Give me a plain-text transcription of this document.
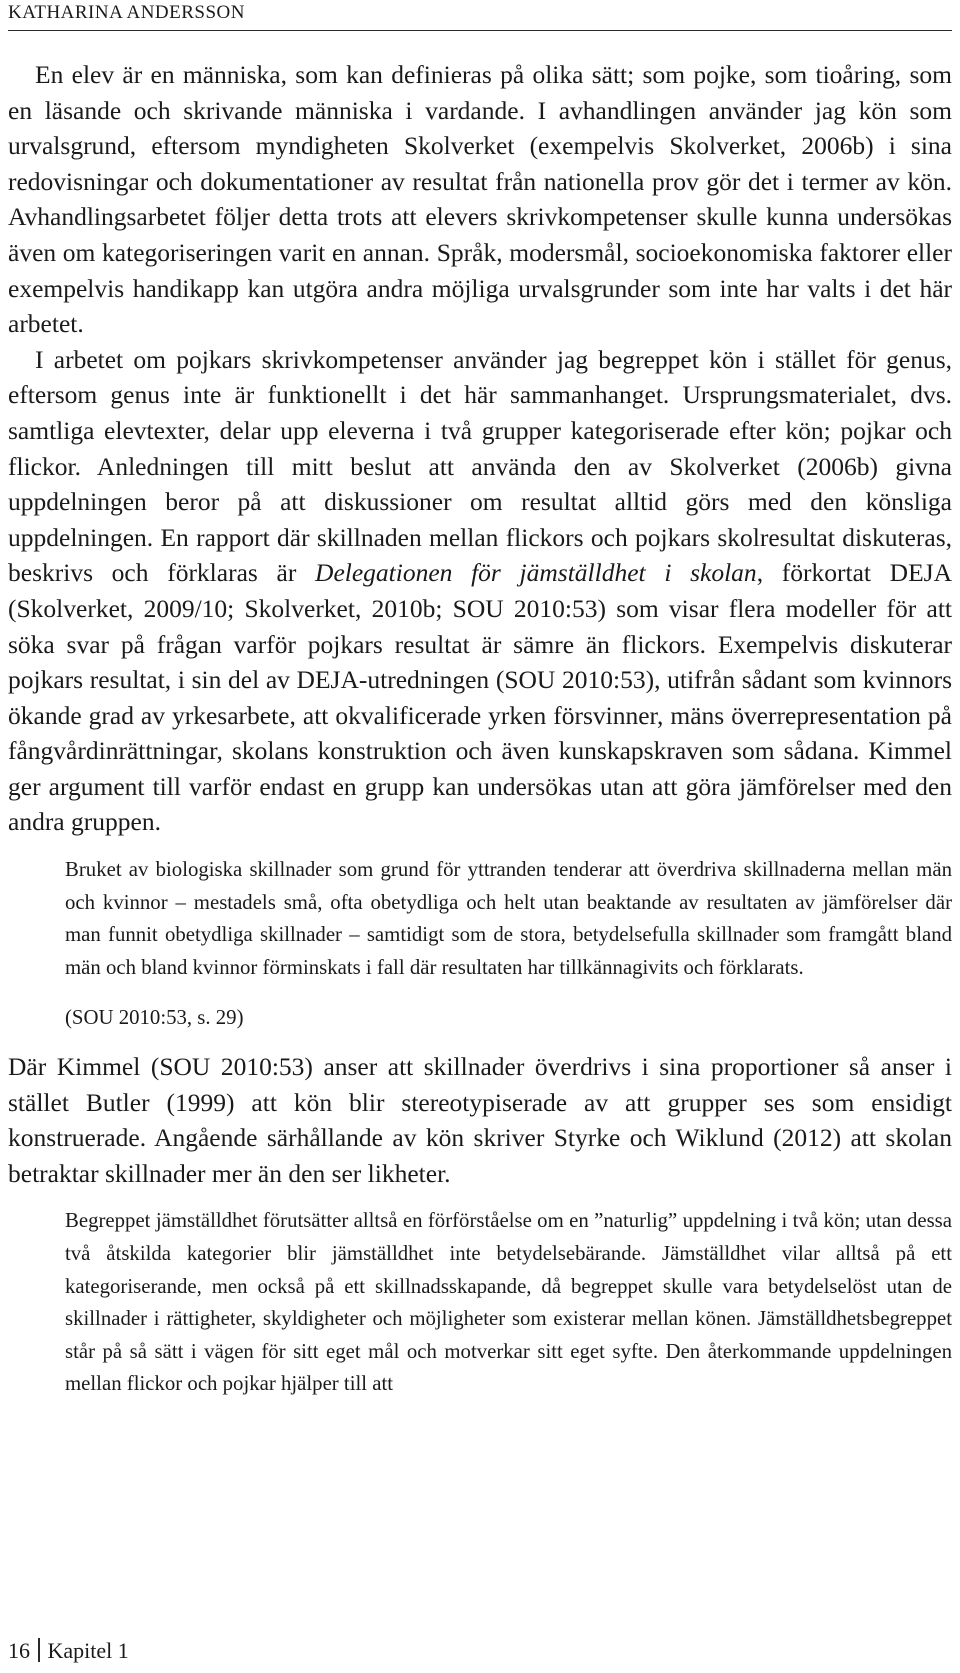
KATHARINA ANDERSSON

En elev är en människa, som kan definieras på olika sätt; som pojke, som tioåring, som en läsande och skrivande människa i vardande. I avhandlingen använder jag kön som urvalsgrund, eftersom myndigheten Skolverket (exempelvis Skolverket, 2006b) i sina redovisningar och dokumentationer av resultat från nationella prov gör det i termer av kön. Avhandlingsarbetet följer detta trots att elevers skrivkompetenser skulle kunna undersökas även om kategoriseringen varit en annan. Språk, modersmål, socioekonomiska faktorer eller exempelvis handikapp kan utgöra andra möjliga urvalsgrunder som inte har valts i det här arbetet.

I arbetet om pojkars skrivkompetenser använder jag begreppet kön i stället för genus, eftersom genus inte är funktionellt i det här sammanhanget. Ursprungsmaterialet, dvs. samtliga elevtexter, delar upp eleverna i två grupper kategoriserade efter kön; pojkar och flickor. Anledningen till mitt beslut att använda den av Skolverket (2006b) givna uppdelningen beror på att diskussioner om resultat alltid görs med den könsliga uppdelningen. En rapport där skillnaden mellan flickors och pojkars skolresultat diskuteras, beskrivs och förklaras är Delegationen för jämställdhet i skolan, förkortat DEJA (Skolverket, 2009/10; Skolverket, 2010b; SOU 2010:53) som visar flera modeller för att söka svar på frågan varför pojkars resultat är sämre än flickors. Exempelvis diskuterar pojkars resultat, i sin del av DEJA-utredningen (SOU 2010:53), utifrån sådant som kvinnors ökande grad av yrkesarbete, att okvalificerade yrken försvinner, mäns överrepresentation på fångvårdinrättningar, skolans konstruktion och även kunskapskraven som sådana. Kimmel ger argument till varför endast en grupp kan undersökas utan att göra jämförelser med den andra gruppen.

Bruket av biologiska skillnader som grund för yttranden tenderar att överdriva skillnaderna mellan män och kvinnor – mestadels små, ofta obetydliga och helt utan beaktande av resultaten av jämförelser där man funnit obetydliga skillnader – samtidigt som de stora, betydelsefulla skillnader som framgått bland män och bland kvinnor förminskats i fall där resultaten har tillkännagivits och förklarats.

(SOU 2010:53, s. 29)

Där Kimmel (SOU 2010:53) anser att skillnader överdrivs i sina proportioner så anser i stället Butler (1999) att kön blir stereotypiserade av att grupper ses som ensidigt konstruerade. Angående särhållande av kön skriver Styrke och Wiklund (2012) att skolan betraktar skillnader mer än den ser likheter.

Begreppet jämställdhet förutsätter alltså en förförståelse om en ”naturlig” uppdelning i två kön; utan dessa två åtskilda kategorier blir jämställdhet inte betydelsebärande. Jämställdhet vilar alltså på ett kategoriserande, men också på ett skillnadsskapande, då begreppet skulle vara betydelselöst utan de skillnader i rättigheter, skyldigheter och möjligheter som existerar mellan könen. Jämställdhetsbegreppet står på så sätt i vägen för sitt eget mål och motverkar sitt eget syfte. Den återkommande uppdelningen mellan flickor och pojkar hjälper till att

16 Kapitel 1
